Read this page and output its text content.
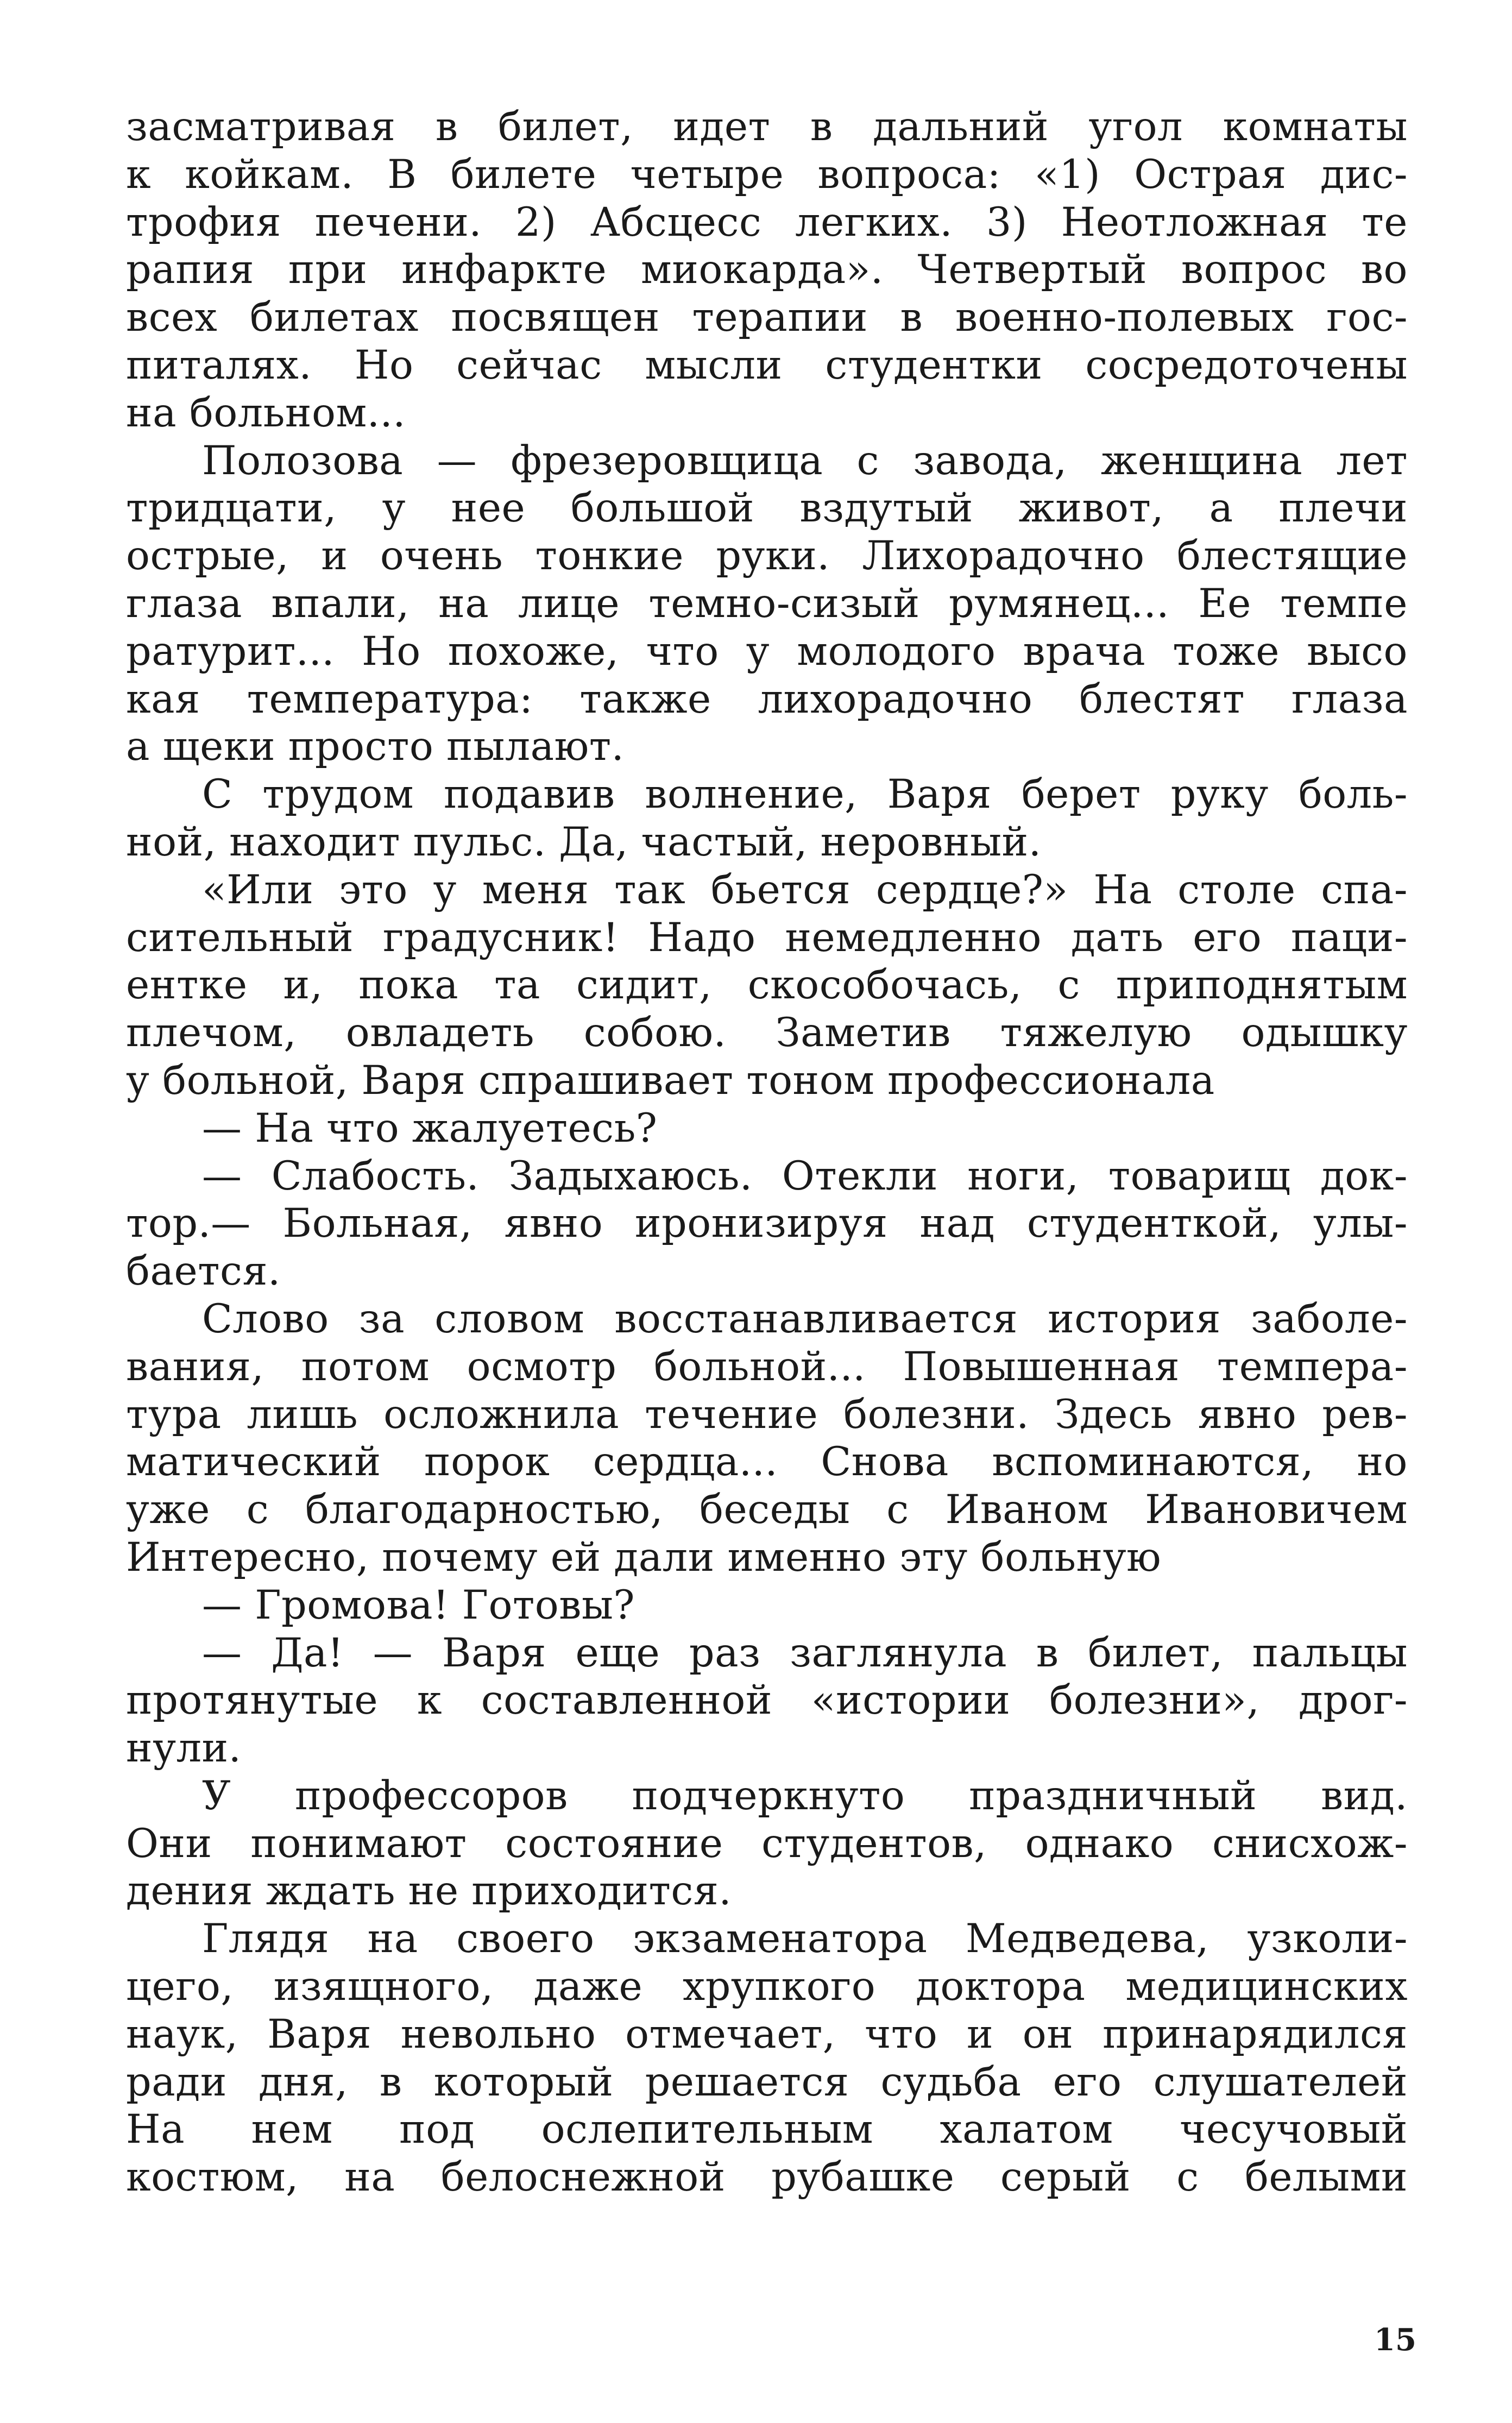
засматривая в билет, идет в дальний угол комнаты
к койкам. В билете четыре вопроса: «1) Острая дис-
трофия печени. 2) Абсцесс легких. 3) Неотложная те
рапия при инфаркте миокарда». Четвертый вопрос во
всех билетах посвящен терапии в военно-полевых гос-
питалях. Но сейчас мысли студентки сосредоточены
на больном...
Полозова — фрезеровщица с завода, женщина лет
тридцати, у нее большой вздутый живот, а плечи
острые, и очень тонкие руки. Лихорадочно блестящие
глаза впали, на лице темно-сизый румянец... Ее темпе
ратурит... Но похоже, что у молодого врача тоже высо
кая температура: также лихорадочно блестят глаза
а щеки просто пылают.
С трудом подавив волнение, Варя берет руку боль-
ной, находит пульс. Да, частый, неровный.
«Или это у меня так бьется сердце?» На столе спа-
сительный градусник! Надо немедленно дать его паци-
ентке и, пока та сидит, скособочась, с приподнятым
плечом, овладеть собою. Заметив тяжелую одышку
у больной, Варя спрашивает тоном профессионала
— На что жалуетесь?
— Слабость. Задыхаюсь. Отекли ноги, товарищ док-
тор.— Больная, явно иронизируя над студенткой, улы-
бается.
Слово за словом восстанавливается история заболе-
вания, потом осмотр больной... Повышенная темпера-
тура лишь осложнила течение болезни. Здесь явно рев-
матический порок сердца... Снова вспоминаются, но
уже с благодарностью, беседы с Иваном Ивановичем
Интересно, почему ей дали именно эту больную
— Громова! Готовы?
— Да! — Варя еще раз заглянула в билет, пальцы
протянутые к составленной «истории болезни», дрог-
нули.
У профессоров подчеркнуто праздничный вид.
Они понимают состояние студентов, однако снисхож-
дения ждать не приходится.
Глядя на своего экзаменатора Медведева, узколи-
цего, изящного, даже хрупкого доктора медицинских
наук, Варя невольно отмечает, что и он принарядился
ради дня, в который решается судьба его слушателей
На нем под ослепительным халатом чесучовый
костюм, на белоснежной рубашке серый с белыми
15
